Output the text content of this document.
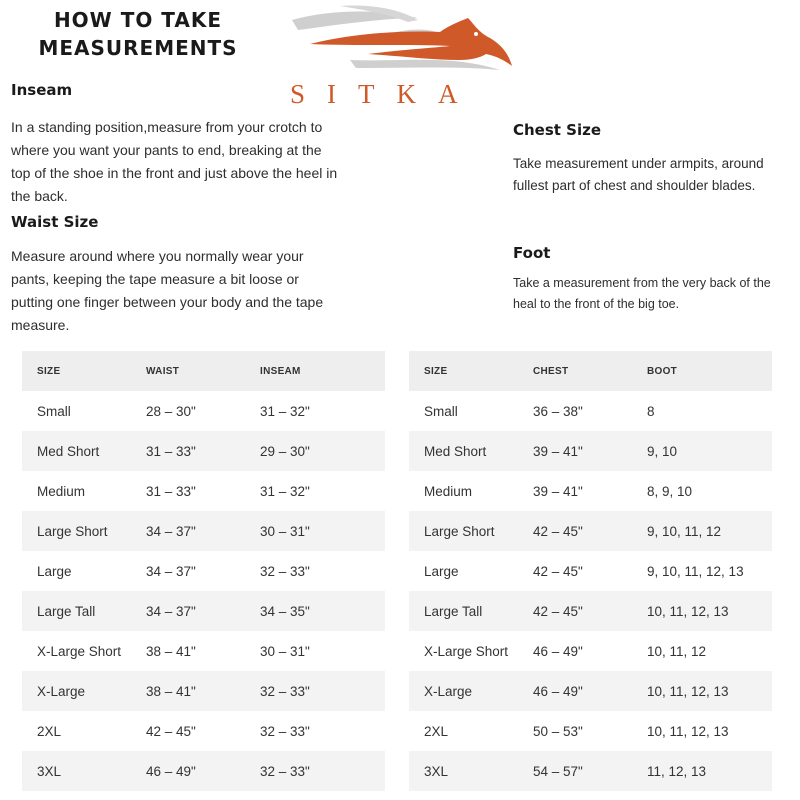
HOW TO TAKE MEASUREMENTS
SITKA
Inseam

In a standing position,measure from your crotch to where you want your pants to end, breaking at the top of the shoe in the front and just above the heel in the back.

Waist Size

Measure around where you normally wear your pants, keeping the tape measure a bit loose or putting one finger between your body and the tape measure.

Chest Size

Take measurement under armpits, around fullest part of chest and shoulder blades.

Foot

Take a measurement from the very back of the heal to the front of the big toe.

SIZE	WAIST	INSEAM
Small	28 – 30"	31 – 32"
Med Short	31 – 33"	29 – 30"
Medium	31 – 33"	31 – 32"
Large Short	34 – 37"	30 – 31"
Large	34 – 37"	32 – 33"
Large Tall	34 – 37"	34 – 35"
X-Large Short	38 – 41"	30 – 31"
X-Large	38 – 41"	32 – 33"
2XL	42 – 45"	32 – 33"
3XL	46 – 49"	32 – 33"
SIZE	CHEST	BOOT
Small	36 – 38"	8
Med Short	39 – 41"	9, 10
Medium	39 – 41"	8, 9, 10
Large Short	42 – 45"	9, 10, 11, 12
Large	42 – 45"	9, 10, 11, 12, 13
Large Tall	42 – 45"	10, 11, 12, 13
X-Large Short	46 – 49"	10, 11, 12
X-Large	46 – 49"	10, 11, 12, 13
2XL	50 – 53"	10, 11, 12, 13
3XL	54 – 57"	11, 12, 13
